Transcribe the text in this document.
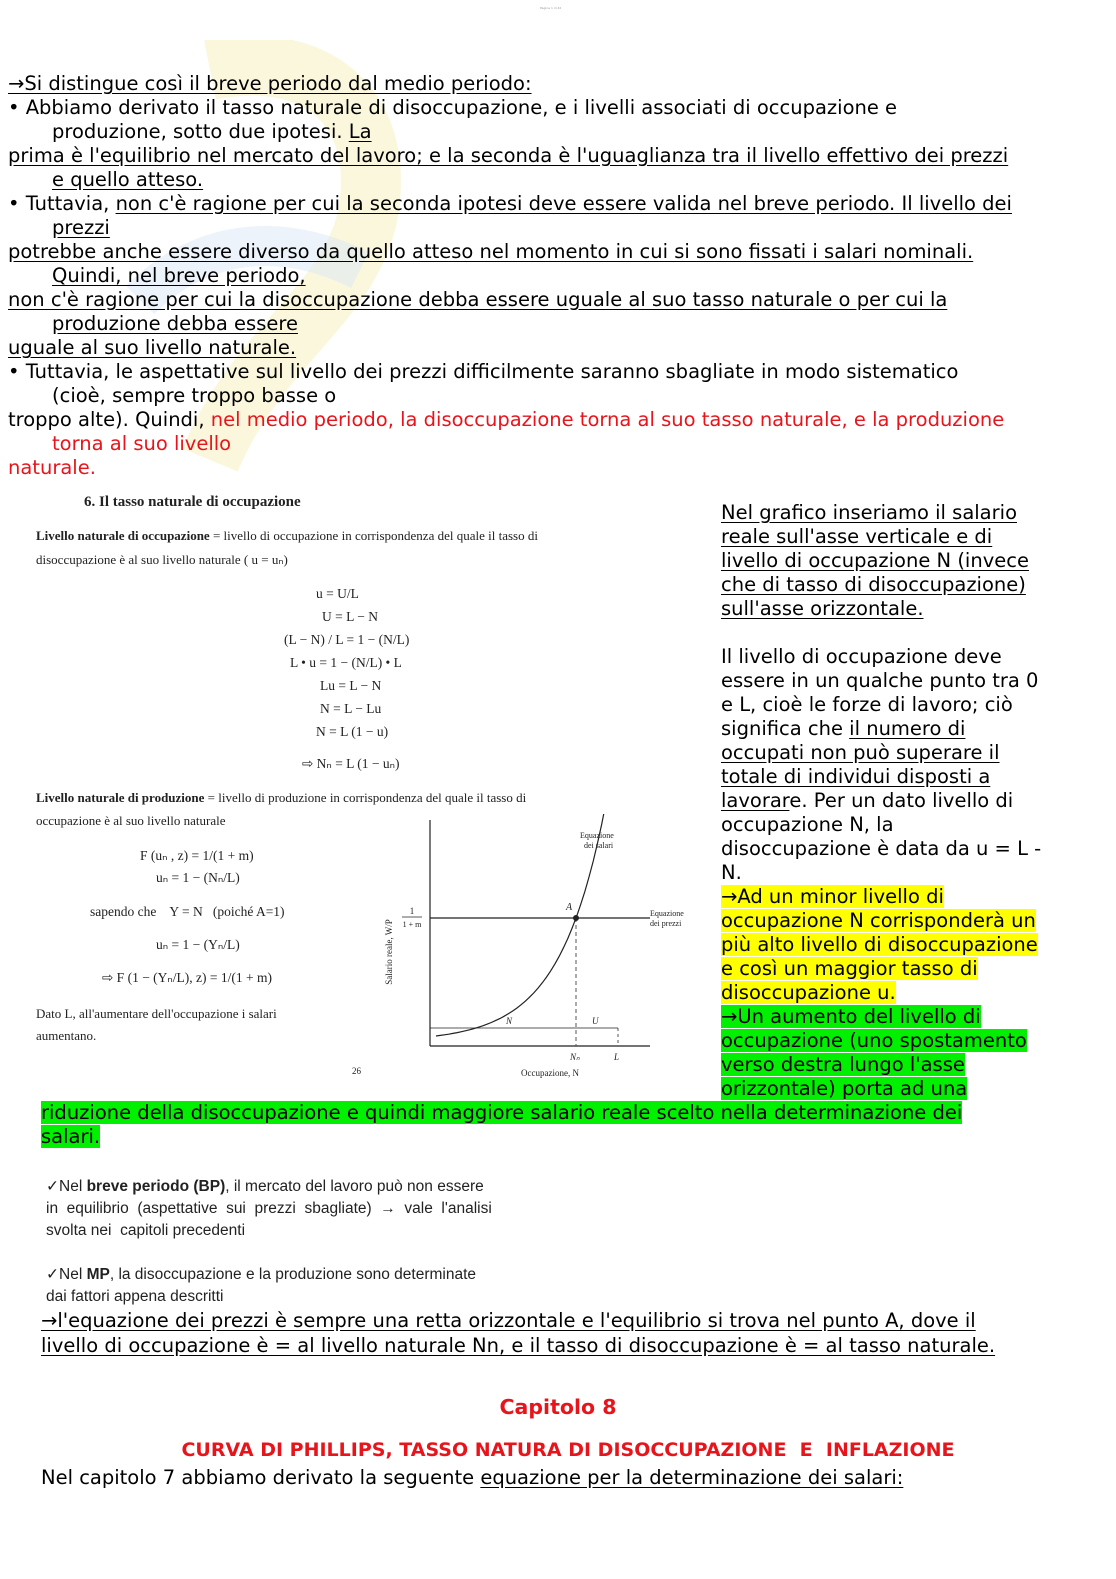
Pagina 1 di 42
→Si distingue così il breve periodo dal medio periodo:
• Abbiamo derivato il tasso naturale di disoccupazione, e i livelli associati di occupazione e
produzione, sotto due ipotesi. La
prima è l'equilibrio nel mercato del lavoro; e la seconda è l'uguaglianza tra il livello effettivo dei prezzi
e quello atteso.
• Tuttavia, non c'è ragione per cui la seconda ipotesi deve essere valida nel breve periodo. Il livello dei
prezzi
potrebbe anche essere diverso da quello atteso nel momento in cui si sono fissati i salari nominali.
Quindi, nel breve periodo,
non c'è ragione per cui la disoccupazione debba essere uguale al suo tasso naturale o per cui la
produzione debba essere
uguale al suo livello naturale.
• Tuttavia, le aspettative sul livello dei prezzi difficilmente saranno sbagliate in modo sistematico
(cioè, sempre troppo basse o
troppo alte). Quindi, nel medio periodo, la disoccupazione torna al suo tasso naturale, e la produzione
torna al suo livello
naturale.
6. Il tasso naturale di occupazione
Livello naturale di occupazione = livello di occupazione in corrispondenza del quale il tasso di
disoccupazione è al suo livello naturale ( u = uₙ)
u = U/L
U = L − N
(L − N) / L = 1 − (N/L)
L • u = 1 − (N/L) • L
Lu = L − N
N = L − Lu
N = L (1 − u)
⇨ Nₙ = L (1 − uₙ)
Livello naturale di produzione = livello di produzione in corrispondenza del quale il tasso di
occupazione è al suo livello naturale
F (uₙ , z) = 1/(1 + m)
uₙ = 1 − (Nₙ/L)
sapendo che    Y = N   (poiché A=1)
uₙ = 1 − (Yₙ/L)
⇨ F (1 − (Yₙ/L), z) = 1/(1 + m)
Dato L, all'aumentare dell'occupazione i salari
aumentano.
26
Salario reale, W/P
1
1 + m
A
Equazione
dei salari
Equazione
dei prezzi
N	U
Nₙ	L
Occupazione, N
Nel grafico inseriamo il salario
reale sull'asse verticale e di
livello di occupazione N (invece
che di tasso di disoccupazione)
sull'asse orizzontale.
Il livello di occupazione deve
essere in un qualche punto tra 0
e L, cioè le forze di lavoro; ciò
significa che il numero di
occupati non può superare il
totale di individui disposti a
lavorare. Per un dato livello di
occupazione N, la
disoccupazione è data da u = L -
N.
→Ad un minor livello di
occupazione N corrisponderà un
più alto livello di disoccupazione
e così un maggior tasso di
disoccupazione u.
→Un aumento del livello di
occupazione (uno spostamento
verso destra lungo l'asse
orizzontale) porta ad una
riduzione della disoccupazione e quindi maggiore salario reale scelto nella determinazione dei
salari.
✓Nel breve periodo (BP), il mercato del lavoro può non essere
in  equilibrio  (aspettative  sui  prezzi  sbagliate)  →  vale  l'analisi
svolta nei  capitoli precedenti
✓Nel MP, la disoccupazione e la produzione sono determinate
dai fattori appena descritti
→l'equazione dei prezzi è sempre una retta orizzontale e l'equilibrio si trova nel punto A, dove il
livello di occupazione è = al livello naturale Nn, e il tasso di disoccupazione è = al tasso naturale.
Capitolo 8
CURVA DI PHILLIPS, TASSO NATURA DI DISOCCUPAZIONE  E  INFLAZIONE
Nel capitolo 7 abbiamo derivato la seguente equazione per la determinazione dei salari:
